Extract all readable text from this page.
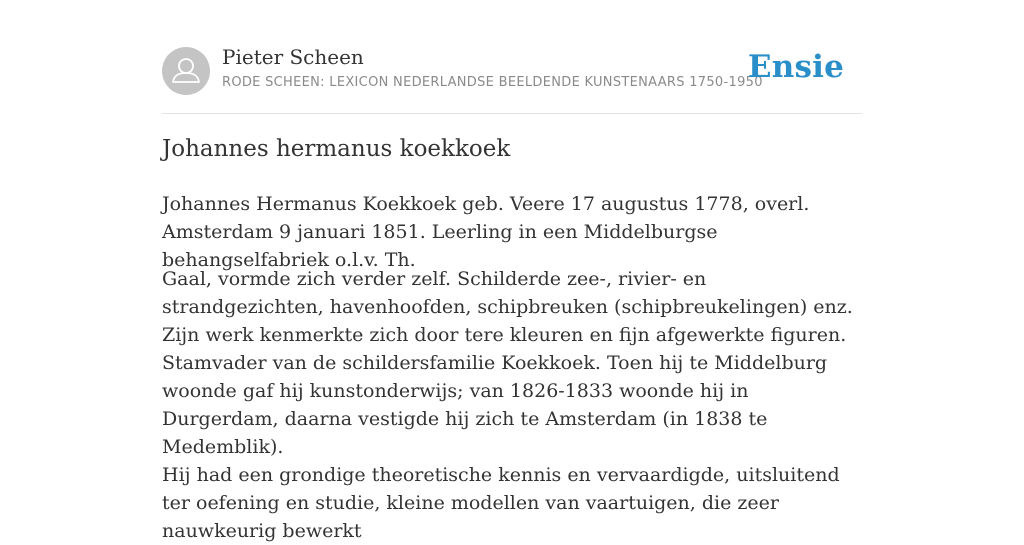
Pieter Scheen
RODE SCHEEN: LEXICON NEDERLANDSE BEELDENDE KUNSTENAARS 1750-1950
Ensie
Johannes hermanus koekkoek

Johannes Hermanus Koekkoek geb. Veere 17 augustus 1778, overl. Amsterdam 9 januari 1851. Leerling in een Middelburgse behangselfabriek o.l.v. Th.

Gaal, vormde zich verder zelf. Schilderde zee-, rivier- en strandgezichten, havenhoofden, schipbreuken (schipbreukelingen) enz. Zijn werk kenmerkte zich door tere kleuren en fijn afgewerkte figuren. Stamvader van de schildersfamilie Koekkoek. Toen hij te Middelburg woonde gaf hij kunstonderwijs; van 1826-1833 woonde hij in Durgerdam, daarna vestigde hij zich te Amsterdam (in 1838 te Medemblik).

Hij had een grondige theoretische kennis en vervaardigde, uitsluitend ter oefening en studie, kleine modellen van vaartuigen, die zeer nauwkeurig bewerkt
